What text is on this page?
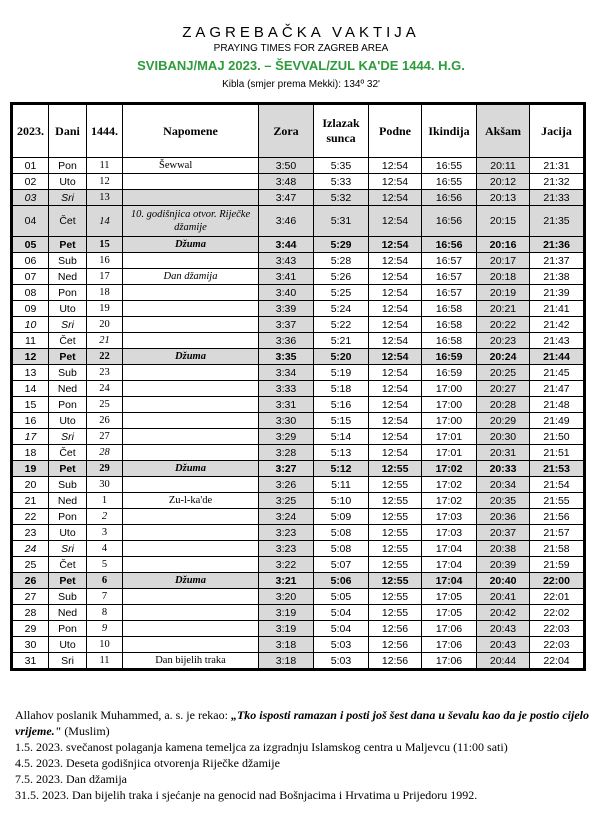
ZAGREBAČKA VAKTIJA
PRAYING TIMES FOR ZAGREB AREA
SVIBANJ/MAJ 2023. – ŠEVVAL/ZUL KA'DE 1444. H.G.
Kibla (smjer prema Mekki): 134º 32'
2023.	Dani	1444.	Napomene	Zora	Izlazak sunca	Podne	Ikindija	Akšam	Jacija
01	Pon	11	Šewwal	3:50	5:35	12:54	16:55	20:11	21:31
02	Uto	12		3:48	5:33	12:54	16:55	20:12	21:32
03	Sri	13		3:47	5:32	12:54	16:56	20:13	21:33
04	Čet	14	10. godišnjica otvor. Riječke džamije	3:46	5:31	12:54	16:56	20:15	21:35
05	Pet	15	Džuma	3:44	5:29	12:54	16:56	20:16	21:36
06	Sub	16		3:43	5:28	12:54	16:57	20:17	21:37
07	Ned	17	Dan džamija	3:41	5:26	12:54	16:57	20:18	21:38
08	Pon	18		3:40	5:25	12:54	16:57	20:19	21:39
09	Uto	19		3:39	5:24	12:54	16:58	20:21	21:41
10	Sri	20		3:37	5:22	12:54	16:58	20:22	21:42
11	Čet	21		3:36	5:21	12:54	16:58	20:23	21:43
12	Pet	22	Džuma	3:35	5:20	12:54	16:59	20:24	21:44
13	Sub	23		3:34	5:19	12:54	16:59	20:25	21:45
14	Ned	24		3:33	5:18	12:54	17:00	20:27	21:47
15	Pon	25		3:31	5:16	12:54	17:00	20:28	21:48
16	Uto	26		3:30	5:15	12:54	17:00	20:29	21:49
17	Sri	27		3:29	5:14	12:54	17:01	20:30	21:50
18	Čet	28		3:28	5:13	12:54	17:01	20:31	21:51
19	Pet	29	Džuma	3:27	5:12	12:55	17:02	20:33	21:53
20	Sub	30		3:26	5:11	12:55	17:02	20:34	21:54
21	Ned	1	Zu-l-ka'de	3:25	5:10	12:55	17:02	20:35	21:55
22	Pon	2		3:24	5:09	12:55	17:03	20:36	21:56
23	Uto	3		3:23	5:08	12:55	17:03	20:37	21:57
24	Sri	4		3:23	5:08	12:55	17:04	20:38	21:58
25	Čet	5		3:22	5:07	12:55	17:04	20:39	21:59
26	Pet	6	Džuma	3:21	5:06	12:55	17:04	20:40	22:00
27	Sub	7		3:20	5:05	12:55	17:05	20:41	22:01
28	Ned	8		3:19	5:04	12:55	17:05	20:42	22:02
29	Pon	9		3:19	5:04	12:56	17:06	20:43	22:03
30	Uto	10		3:18	5:03	12:56	17:06	20:43	22:03
31	Sri	11	Dan bijelih traka	3:18	5:03	12:56	17:06	20:44	22:04
Allahov poslanik Muhammed, a. s. je rekao: „Tko isposti ramazan i posti još šest dana u ševalu kao da je postio cijelo vrijeme." (Muslim)
1.5. 2023. svečanost polaganja kamena temeljca za izgradnju Islamskog centra u Maljevcu (11:00 sati)
4.5. 2023. Deseta godišnjica otvorenja Riječke džamije
7.5. 2023. Dan džamija
31.5. 2023. Dan bijelih traka i sjećanje na genocid nad Bošnjacima i Hrvatima u Prijedoru 1992.
